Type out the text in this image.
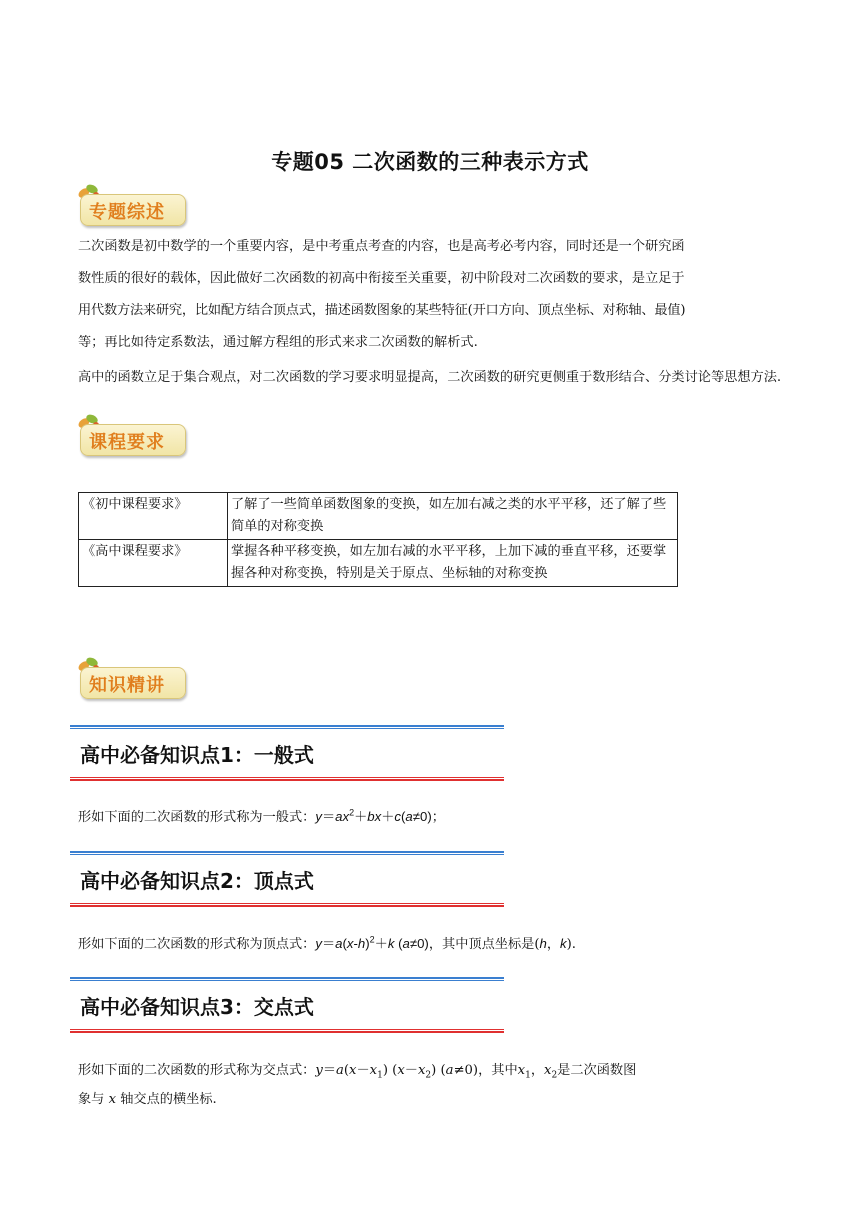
专题05 二次函数的三种表示方式
专题综述
二次函数是初中数学的一个重要内容，是中考重点考查的内容，也是高考必考内容，同时还是一个研究函
数性质的很好的载体，因此做好二次函数的初高中衔接至关重要，初中阶段对二次函数的要求，是立足于
用代数方法来研究，比如配方结合顶点式，描述函数图象的某些特征(开口方向、顶点坐标、对称轴、最值)
等；再比如待定系数法，通过解方程组的形式来求二次函数的解析式.
高中的函数立足于集合观点，对二次函数的学习要求明显提高，二次函数的研究更侧重于数形结合、分类讨论等思想方法.
课程要求
《初中课程要求》	了解了一些简单函数图象的变换，如左加右减之类的水平平移，还了解了些简单的对称变换
《高中课程要求》	掌握各种平移变换，如左加右减的水平平移，上加下减的垂直平移，还要掌握各种对称变换，特别是关于原点、坐标轴的对称变换
知识精讲
高中必备知识点1：一般式
形如下面的二次函数的形式称为一般式：$y=ax^2+bx+c(a\ne 0)$；
高中必备知识点2：顶点式
形如下面的二次函数的形式称为顶点式：$y=a(x-h)^2+k$ (a≠0)，其中顶点坐标是(h，k).
高中必备知识点3：交点式
形如下面的二次函数的形式称为交点式：$y=a(x-x_1)$ $(x-x_2)$ (a≠0)，其中$x_1$，$x_2$是二次函数图
象与 x 轴交点的横坐标.
